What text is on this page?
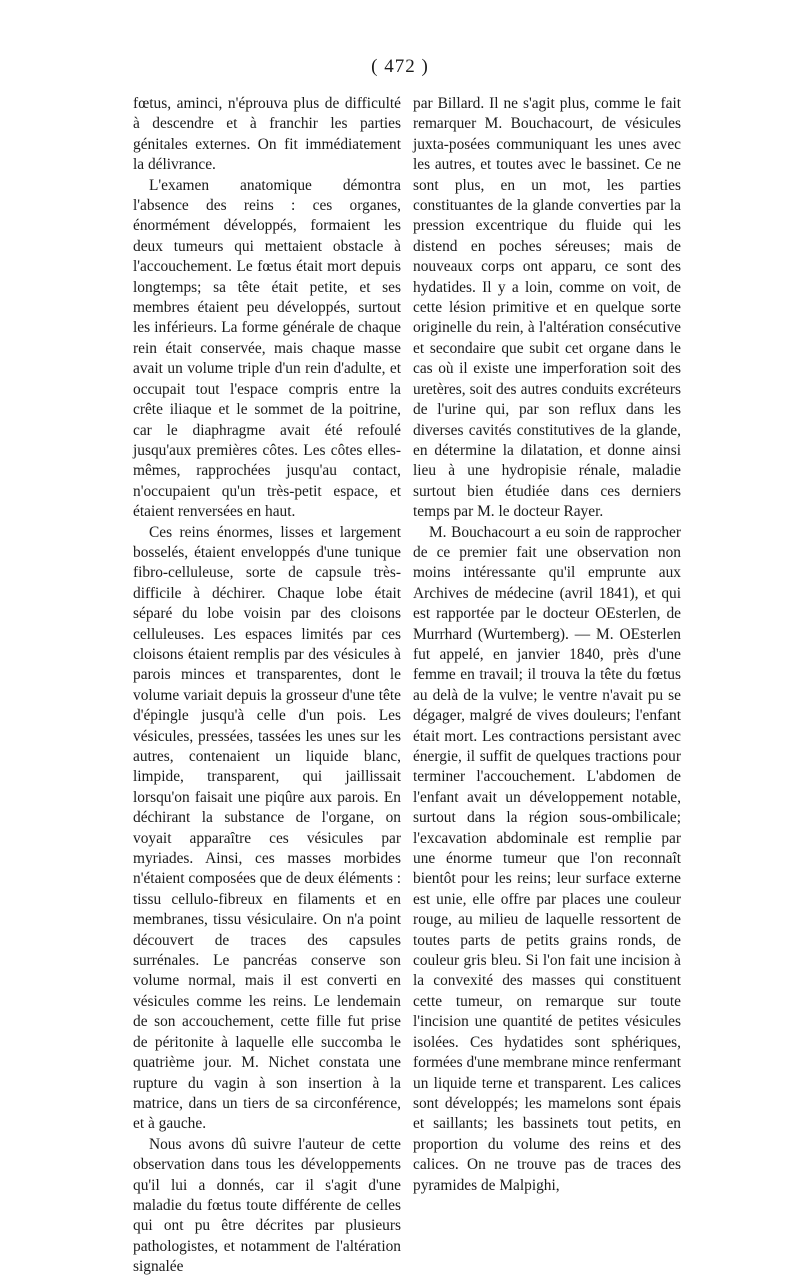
( 472 )

fœtus, aminci, n'éprouva plus de difficulté à descendre et à franchir les parties génitales externes. On fit immédiatement la délivrance.

L'examen anatomique démontra l'absence des reins : ces organes, énormément développés, formaient les deux tumeurs qui mettaient obstacle à l'accouchement. Le fœtus était mort depuis longtemps; sa tête était petite, et ses membres étaient peu développés, surtout les inférieurs. La forme générale de chaque rein était conservée, mais chaque masse avait un volume triple d'un rein d'adulte, et occupait tout l'espace compris entre la crête iliaque et le sommet de la poitrine, car le diaphragme avait été refoulé jusqu'aux premières côtes. Les côtes elles-mêmes, rapprochées jusqu'au contact, n'occupaient qu'un très-petit espace, et étaient renversées en haut.

Ces reins énormes, lisses et largement bosselés, étaient enveloppés d'une tunique fibro-celluleuse, sorte de capsule très-difficile à déchirer. Chaque lobe était séparé du lobe voisin par des cloisons celluleuses. Les espaces limités par ces cloisons étaient remplis par des vésicules à parois minces et transparentes, dont le volume variait depuis la grosseur d'une tête d'épingle jusqu'à celle d'un pois. Les vésicules, pressées, tassées les unes sur les autres, contenaient un liquide blanc, limpide, transparent, qui jaillissait lorsqu'on faisait une piqûre aux parois. En déchirant la substance de l'organe, on voyait apparaître ces vésicules par myriades. Ainsi, ces masses morbides n'étaient composées que de deux éléments : tissu cellulo-fibreux en filaments et en membranes, tissu vésiculaire. On n'a point découvert de traces des capsules surrénales. Le pancréas conserve son volume normal, mais il est converti en vésicules comme les reins. Le lendemain de son accouchement, cette fille fut prise de péritonite à laquelle elle succomba le quatrième jour. M. Nichet constata une rupture du vagin à son insertion à la matrice, dans un tiers de sa circonférence, et à gauche.

Nous avons dû suivre l'auteur de cette observation dans tous les développements qu'il lui a donnés, car il s'agit d'une maladie du fœtus toute différente de celles qui ont pu être décrites par plusieurs pathologistes, et notamment de l'altération signalée

par Billard. Il ne s'agit plus, comme le fait remarquer M. Bouchacourt, de vésicules juxta-posées communiquant les unes avec les autres, et toutes avec le bassinet. Ce ne sont plus, en un mot, les parties constituantes de la glande converties par la pression excentrique du fluide qui les distend en poches séreuses; mais de nouveaux corps ont apparu, ce sont des hydatides. Il y a loin, comme on voit, de cette lésion primitive et en quelque sorte originelle du rein, à l'altération consécutive et secondaire que subit cet organe dans le cas où il existe une imperforation soit des uretères, soit des autres conduits excréteurs de l'urine qui, par son reflux dans les diverses cavités constitutives de la glande, en détermine la dilatation, et donne ainsi lieu à une hydropisie rénale, maladie surtout bien étudiée dans ces derniers temps par M. le docteur Rayer.

M. Bouchacourt a eu soin de rapprocher de ce premier fait une observation non moins intéressante qu'il emprunte aux Archives de médecine (avril 1841), et qui est rapportée par le docteur OEsterlen, de Murrhard (Wurtemberg). — M. OEsterlen fut appelé, en janvier 1840, près d'une femme en travail; il trouva la tête du fœtus au delà de la vulve; le ventre n'avait pu se dégager, malgré de vives douleurs; l'enfant était mort. Les contractions persistant avec énergie, il suffit de quelques tractions pour terminer l'accouchement. L'abdomen de l'enfant avait un développement notable, surtout dans la région sous-ombilicale; l'excavation abdominale est remplie par une énorme tumeur que l'on reconnaît bientôt pour les reins; leur surface externe est unie, elle offre par places une couleur rouge, au milieu de laquelle ressortent de toutes parts de petits grains ronds, de couleur gris bleu. Si l'on fait une incision à la convexité des masses qui constituent cette tumeur, on remarque sur toute l'incision une quantité de petites vésicules isolées. Ces hydatides sont sphériques, formées d'une membrane mince renfermant un liquide terne et transparent. Les calices sont développés; les mamelons sont épais et saillants; les bassinets tout petits, en proportion du volume des reins et des calices. On ne trouve pas de traces des pyramides de Malpighi,
